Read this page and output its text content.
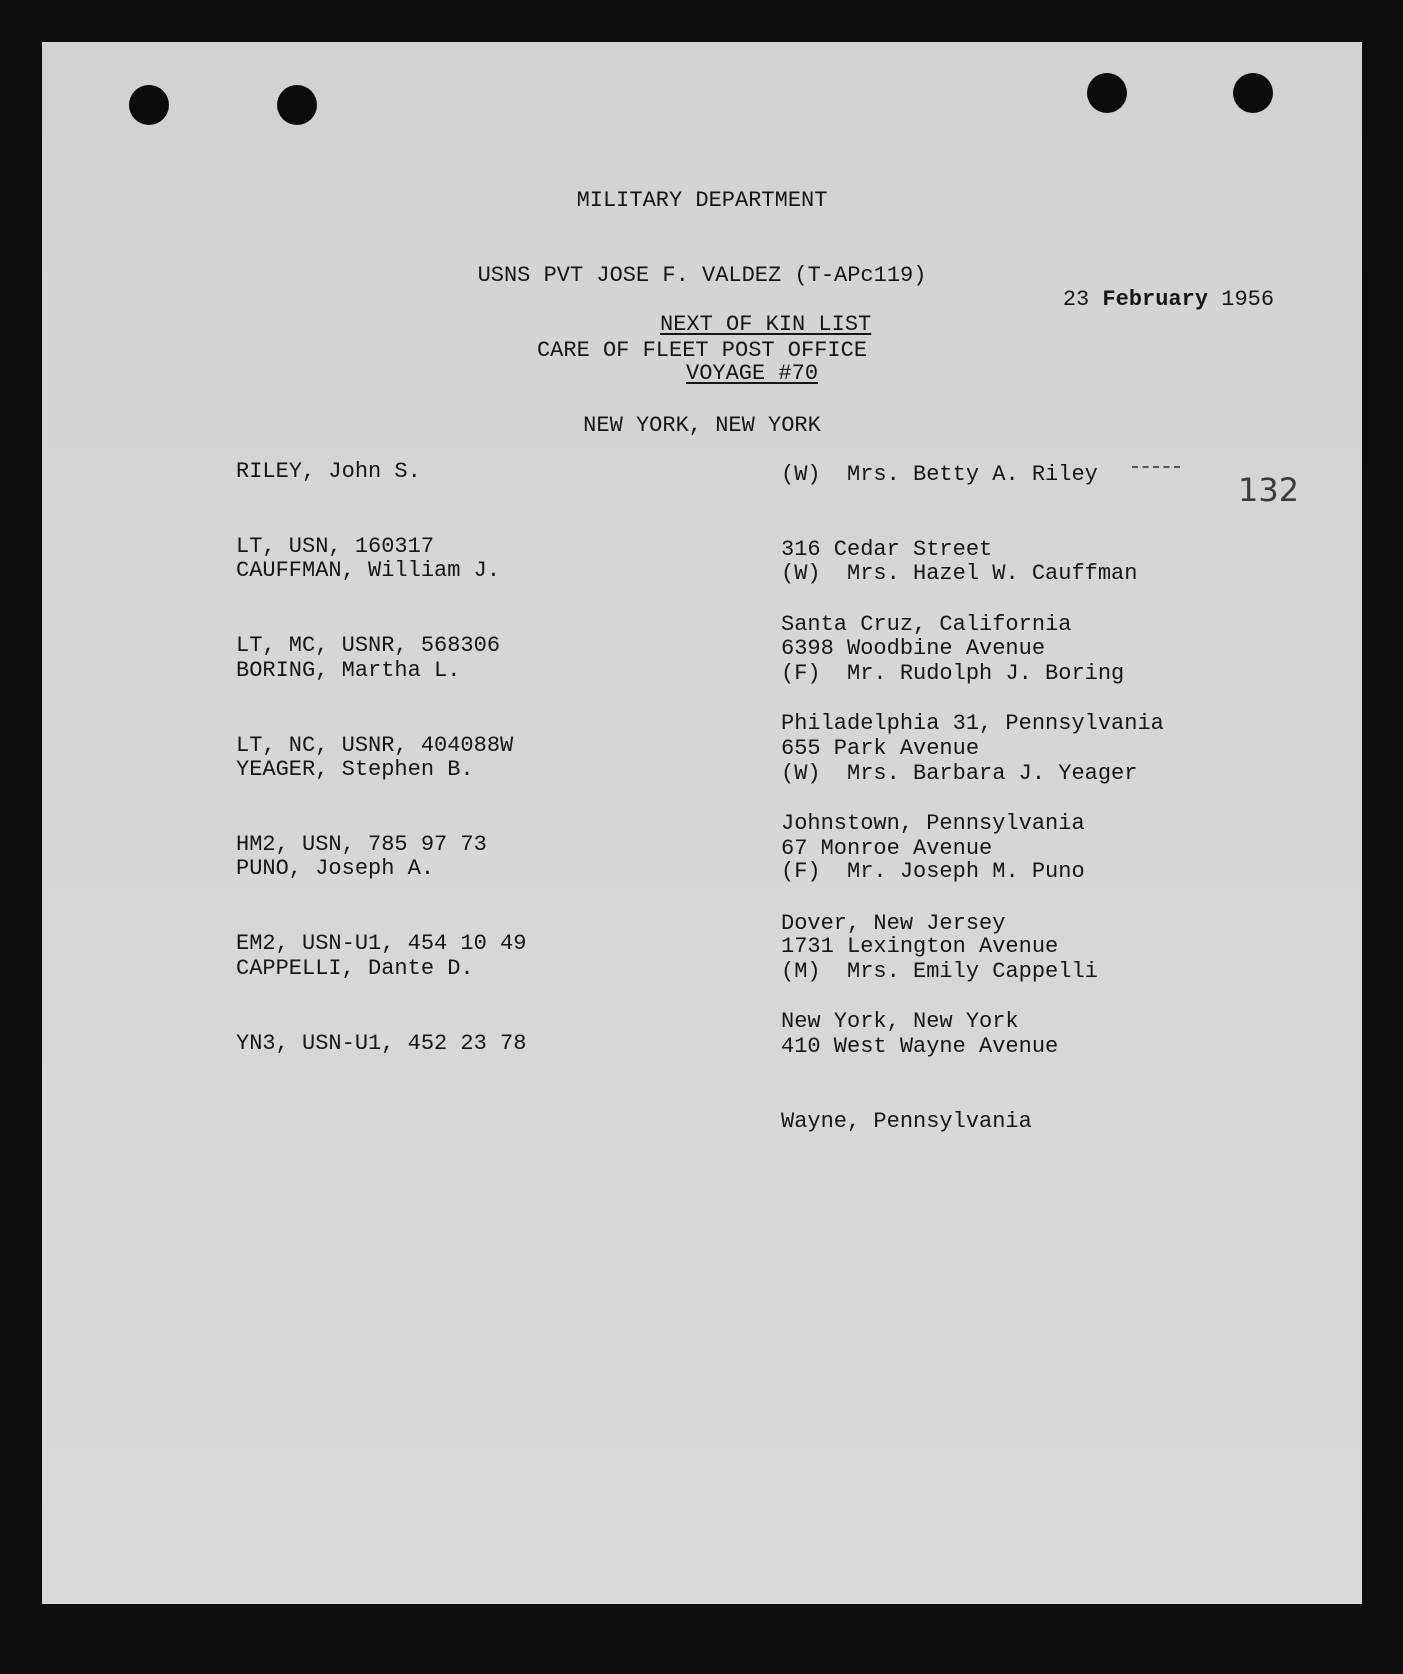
MILITARY DEPARTMENT

USNS PVT JOSE F. VALDEZ (T-APc119)

CARE OF FLEET POST OFFICE

NEW YORK, NEW YORK

23 February 1956

NEXT OF KIN LIST
VOYAGE #70
132

RILEY, John S.

LT, USN, 160317

(W) Mrs. Betty A. Riley

316 Cedar Street

Santa Cruz, California

CAUFFMAN, William J.

LT, MC, USNR, 568306

(W) Mrs. Hazel W. Cauffman

6398 Woodbine Avenue

Philadelphia 31, Pennsylvania

BORING, Martha L.

LT, NC, USNR, 404088W

(F) Mr. Rudolph J. Boring

655 Park Avenue

Johnstown, Pennsylvania

YEAGER, Stephen B.

HM2, USN, 785 97 73

(W) Mrs. Barbara J. Yeager

67 Monroe Avenue

Dover, New Jersey

PUNO, Joseph A.

EM2, USN-U1, 454 10 49

(F) Mr. Joseph M. Puno

1731 Lexington Avenue

New York, New York

CAPPELLI, Dante D.

YN3, USN-U1, 452 23 78

(M) Mrs. Emily Cappelli

410 West Wayne Avenue

Wayne, Pennsylvania
